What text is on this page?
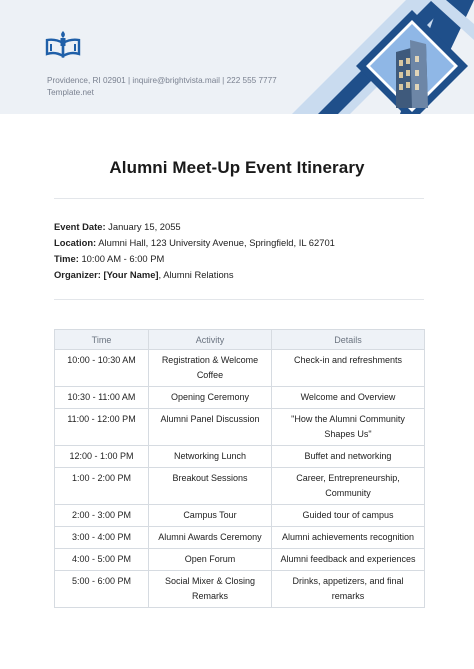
Providence, RI 02901 | inquire@brightvista.mail | 222 555 7777
Template.net
Alumni Meet-Up Event Itinerary
Event Date: January 15, 2055
Location: Alumni Hall, 123 University Avenue, Springfield, IL 62701
Time: 10:00 AM - 6:00 PM
Organizer: [Your Name], Alumni Relations
Time	Activity	Details
10:00 - 10:30 AM	Registration & Welcome Coffee	Check-in and refreshments
10:30 - 11:00 AM	Opening Ceremony	Welcome and Overview
11:00 - 12:00 PM	Alumni Panel Discussion	"How the Alumni Community Shapes Us"
12:00 - 1:00 PM	Networking Lunch	Buffet and networking
1:00 - 2:00 PM	Breakout Sessions	Career, Entrepreneurship, Community
2:00 - 3:00 PM	Campus Tour	Guided tour of campus
3:00 - 4:00 PM	Alumni Awards Ceremony	Alumni achievements recognition
4:00 - 5:00 PM	Open Forum	Alumni feedback and experiences
5:00 - 6:00 PM	Social Mixer & Closing Remarks	Drinks, appetizers, and final remarks
